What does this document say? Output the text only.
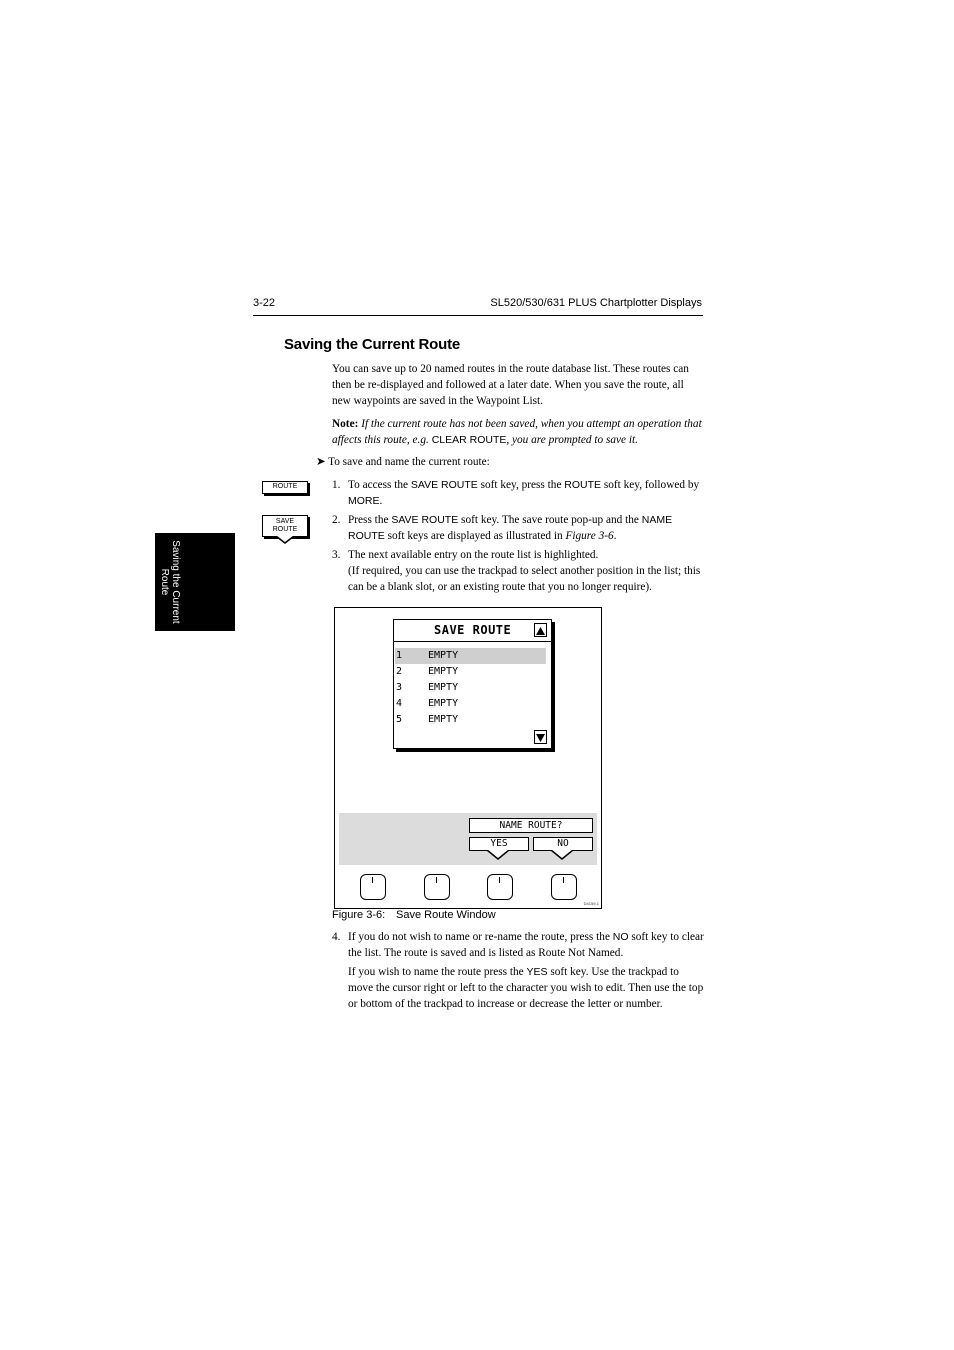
3-22	SL520/530/631 PLUS Chartplotter Displays
Saving the Current Route
Saving the Current Route

You can save up to 20 named routes in the route database list. These routes can then be re-displayed and followed at a later date. When you save the route, all new waypoints are saved in the Waypoint List.

Note: If the current route has not been saved, when you attempt an operation that affects this route, e.g. CLEAR ROUTE, you are prompted to save it.

➤ To save and name the current route:
ROUTE
SAVE
ROUTE
1. To access the SAVE ROUTE soft key, press the ROUTE soft key, followed by MORE.
2. Press the SAVE ROUTE soft key. The save route pop-up and the NAME ROUTE soft keys are displayed as illustrated in Figure 3-6.
3. The next available entry on the route list is highlighted.
(If required, you can use the trackpad to select another position in the list; this can be a blank slot, or an existing route that you no longer require).
SAVE ROUTE
1	EMPTY
2	EMPTY
3	EMPTY
4	EMPTY
5	EMPTY
NAME ROUTE?
YES	NO
D4159-1
Figure 3-6: Save Route Window
4. If you do not wish to name or re-name the route, press the NO soft key to clear the list. The route is saved and is listed as Route Not Named.
If you wish to name the route press the YES soft key. Use the trackpad to move the cursor right or left to the character you wish to edit. Then use the top or bottom of the trackpad to increase or decrease the letter or number.
